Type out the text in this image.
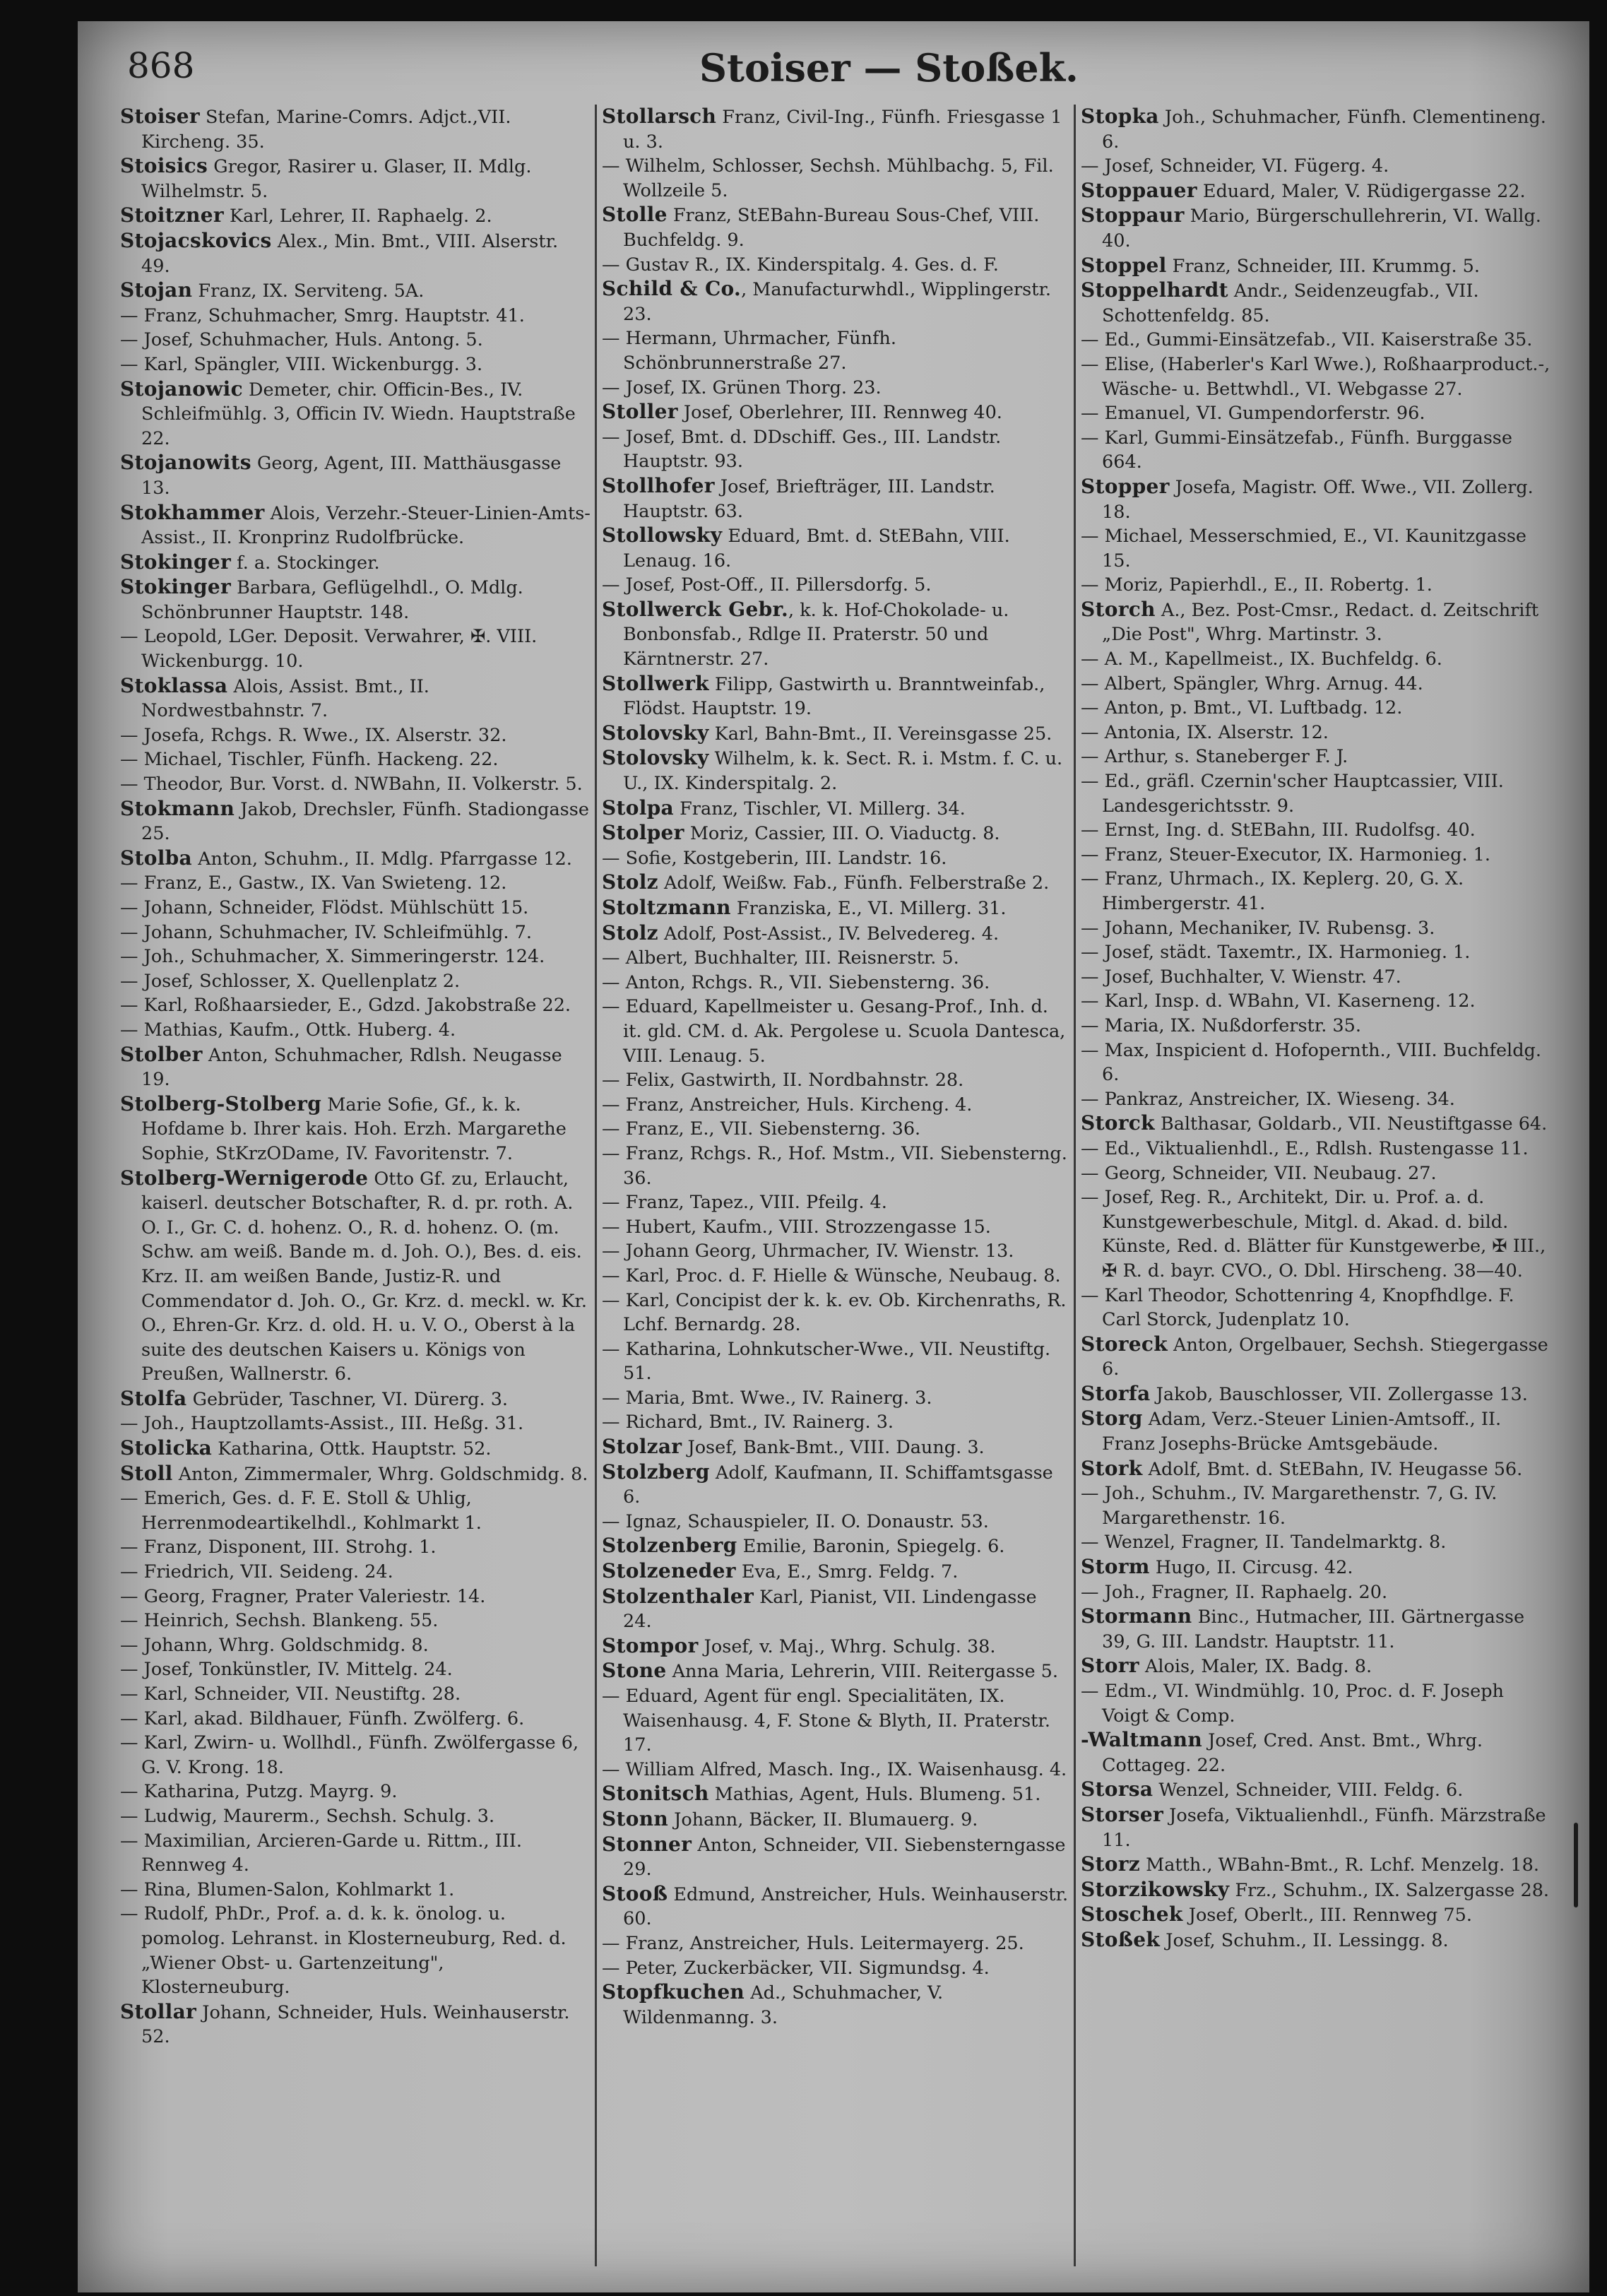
868	Stoiser — Stoßek.

Stoiser Stefan, Marine-Comrs. Adjct.,VII. Kircheng. 35.

Stoisics Gregor, Rasirer u. Glaser, II. Mdlg. Wilhelmstr. 5.

Stoitzner Karl, Lehrer, II. Raphaelg. 2.

Stojacskovics Alex., Min. Bmt., VIII. Alserstr. 49.

Stojan Franz, IX. Serviteng. 5A.

— Franz, Schuhmacher, Smrg. Hauptstr. 41.

— Josef, Schuhmacher, Huls. Antong. 5.

— Karl, Spängler, VIII. Wickenburgg. 3.

Stojanowic Demeter, chir. Officin-Bes., IV. Schleifmühlg. 3, Officin IV. Wiedn. Hauptstraße 22.

Stojanowits Georg, Agent, III. Matthäusgasse 13.

Stokhammer Alois, Verzehr.-Steuer-Linien-Amts-Assist., II. Kronprinz Rudolfbrücke.

Stokinger f. a. Stockinger.

Stokinger Barbara, Geflügelhdl., O. Mdlg. Schönbrunner Hauptstr. 148.

— Leopold, LGer. Deposit. Verwahrer, ✠. VIII. Wickenburgg. 10.

Stoklassa Alois, Assist. Bmt., II. Nordwestbahnstr. 7.

— Josefa, Rchgs. R. Wwe., IX. Alserstr. 32.

— Michael, Tischler, Fünfh. Hackeng. 22.

— Theodor, Bur. Vorst. d. NWBahn, II. Volkerstr. 5.

Stokmann Jakob, Drechsler, Fünfh. Stadiongasse 25.

Stolba Anton, Schuhm., II. Mdlg. Pfarrgasse 12.

— Franz, E., Gastw., IX. Van Swieteng. 12.

— Johann, Schneider, Flödst. Mühlschütt 15.

— Johann, Schuhmacher, IV. Schleifmühlg. 7.

— Joh., Schuhmacher, X. Simmeringerstr. 124.

— Josef, Schlosser, X. Quellenplatz 2.

— Karl, Roßhaarsieder, E., Gdzd. Jakobstraße 22.

— Mathias, Kaufm., Ottk. Huberg. 4.

Stolber Anton, Schuhmacher, Rdlsh. Neugasse 19.

Stolberg-Stolberg Marie Sofie, Gf., k. k. Hofdame b. Ihrer kais. Hoh. Erzh. Margarethe Sophie, StKrzODame, IV. Favoritenstr. 7.

Stolberg-Wernigerode Otto Gf. zu, Erlaucht, kaiserl. deutscher Botschafter, R. d. pr. roth. A. O. I., Gr. C. d. hohenz. O., R. d. hohenz. O. (m. Schw. am weiß. Bande m. d. Joh. O.), Bes. d. eis. Krz. II. am weißen Bande, Justiz-R. und Commendator d. Joh. O., Gr. Krz. d. meckl. w. Kr. O., Ehren-Gr. Krz. d. old. H. u. V. O., Oberst à la suite des deutschen Kaisers u. Königs von Preußen, Wallnerstr. 6.

Stolfa Gebrüder, Taschner, VI. Dürerg. 3.

— Joh., Hauptzollamts-Assist., III. Heßg. 31.

Stolicka Katharina, Ottk. Hauptstr. 52.

Stoll Anton, Zimmermaler, Whrg. Goldschmidg. 8.

— Emerich, Ges. d. F. E. Stoll & Uhlig, Herrenmodeartikelhdl., Kohlmarkt 1.

— Franz, Disponent, III. Strohg. 1.

— Friedrich, VII. Seideng. 24.

— Georg, Fragner, Prater Valeriestr. 14.

— Heinrich, Sechsh. Blankeng. 55.

— Johann, Whrg. Goldschmidg. 8.

— Josef, Tonkünstler, IV. Mittelg. 24.

— Karl, Schneider, VII. Neustiftg. 28.

— Karl, akad. Bildhauer, Fünfh. Zwölferg. 6.

— Karl, Zwirn- u. Wollhdl., Fünfh. Zwölfergasse 6, G. V. Krong. 18.

— Katharina, Putzg. Mayrg. 9.

— Ludwig, Maurerm., Sechsh. Schulg. 3.

— Maximilian, Arcieren-Garde u. Rittm., III. Rennweg 4.

— Rina, Blumen-Salon, Kohlmarkt 1.

— Rudolf, PhDr., Prof. a. d. k. k. önolog. u. pomolog. Lehranst. in Klosterneuburg, Red. d. „Wiener Obst- u. Gartenzeitung", Klosterneuburg.

Stollar Johann, Schneider, Huls. Weinhauserstr. 52.

Stollarsch Franz, Civil-Ing., Fünfh. Friesgasse 1 u. 3.

— Wilhelm, Schlosser, Sechsh. Mühlbachg. 5, Fil. Wollzeile 5.

Stolle Franz, StEBahn-Bureau Sous-Chef, VIII. Buchfeldg. 9.

— Gustav R., IX. Kinderspitalg. 4. Ges. d. F.

Schild & Co., Manufacturwhdl., Wipplingerstr. 23.

— Hermann, Uhrmacher, Fünfh. Schönbrunnerstraße 27.

— Josef, IX. Grünen Thorg. 23.

Stoller Josef, Oberlehrer, III. Rennweg 40.

— Josef, Bmt. d. DDschiff. Ges., III. Landstr. Hauptstr. 93.

Stollhofer Josef, Briefträger, III. Landstr. Hauptstr. 63.

Stollowsky Eduard, Bmt. d. StEBahn, VIII. Lenaug. 16.

— Josef, Post-Off., II. Pillersdorfg. 5.

Stollwerck Gebr., k. k. Hof-Chokolade- u. Bonbonsfab., Rdlge II. Praterstr. 50 und Kärntnerstr. 27.

Stollwerk Filipp, Gastwirth u. Branntweinfab., Flödst. Hauptstr. 19.

Stolovsky Karl, Bahn-Bmt., II. Vereinsgasse 25.

Stolovsky Wilhelm, k. k. Sect. R. i. Mstm. f. C. u. U., IX. Kinderspitalg. 2.

Stolpa Franz, Tischler, VI. Millerg. 34.

Stolper Moriz, Cassier, III. O. Viaductg. 8.

— Sofie, Kostgeberin, III. Landstr. 16.

Stolz Adolf, Weißw. Fab., Fünfh. Felberstraße 2.

Stoltzmann Franziska, E., VI. Millerg. 31.

Stolz Adolf, Post-Assist., IV. Belvedereg. 4.

— Albert, Buchhalter, III. Reisnerstr. 5.

— Anton, Rchgs. R., VII. Siebensterng. 36.

— Eduard, Kapellmeister u. Gesang-Prof., Inh. d. it. gld. CM. d. Ak. Pergolese u. Scuola Dantesca, VIII. Lenaug. 5.

— Felix, Gastwirth, II. Nordbahnstr. 28.

— Franz, Anstreicher, Huls. Kircheng. 4.

— Franz, E., VII. Siebensterng. 36.

— Franz, Rchgs. R., Hof. Mstm., VII. Siebensterng. 36.

— Franz, Tapez., VIII. Pfeilg. 4.

— Hubert, Kaufm., VIII. Strozzengasse 15.

— Johann Georg, Uhrmacher, IV. Wienstr. 13.

— Karl, Proc. d. F. Hielle & Wünsche, Neubaug. 8.

— Karl, Concipist der k. k. ev. Ob. Kirchenraths, R. Lchf. Bernardg. 28.

— Katharina, Lohnkutscher-Wwe., VII. Neustiftg. 51.

— Maria, Bmt. Wwe., IV. Rainerg. 3.

— Richard, Bmt., IV. Rainerg. 3.

Stolzar Josef, Bank-Bmt., VIII. Daung. 3.

Stolzberg Adolf, Kaufmann, II. Schiffamtsgasse 6.

— Ignaz, Schauspieler, II. O. Donaustr. 53.

Stolzenberg Emilie, Baronin, Spiegelg. 6.

Stolzeneder Eva, E., Smrg. Feldg. 7.

Stolzenthaler Karl, Pianist, VII. Lindengasse 24.

Stompor Josef, v. Maj., Whrg. Schulg. 38.

Stone Anna Maria, Lehrerin, VIII. Reitergasse 5.

— Eduard, Agent für engl. Specialitäten, IX. Waisenhausg. 4, F. Stone & Blyth, II. Praterstr. 17.

— William Alfred, Masch. Ing., IX. Waisenhausg. 4.

Stonitsch Mathias, Agent, Huls. Blumeng. 51.

Stonn Johann, Bäcker, II. Blumauerg. 9.

Stonner Anton, Schneider, VII. Siebensterngasse 29.

Stooß Edmund, Anstreicher, Huls. Weinhauserstr. 60.

— Franz, Anstreicher, Huls. Leitermayerg. 25.

— Peter, Zuckerbäcker, VII. Sigmundsg. 4.

Stopfkuchen Ad., Schuhmacher, V. Wildenmanng. 3.

Stopka Joh., Schuhmacher, Fünfh. Clementineng. 6.

— Josef, Schneider, VI. Fügerg. 4.

Stoppauer Eduard, Maler, V. Rüdigergasse 22.

Stoppaur Mario, Bürgerschullehrerin, VI. Wallg. 40.

Stoppel Franz, Schneider, III. Krummg. 5.

Stoppelhardt Andr., Seidenzeugfab., VII. Schottenfeldg. 85.

— Ed., Gummi-Einsätzefab., VII. Kaiserstraße 35.

— Elise, (Haberler's Karl Wwe.), Roßhaarproduct.-, Wäsche- u. Bettwhdl., VI. Webgasse 27.

— Emanuel, VI. Gumpendorferstr. 96.

— Karl, Gummi-Einsätzefab., Fünfh. Burggasse 664.

Stopper Josefa, Magistr. Off. Wwe., VII. Zollerg. 18.

— Michael, Messerschmied, E., VI. Kaunitzgasse 15.

— Moriz, Papierhdl., E., II. Robertg. 1.

Storch A., Bez. Post-Cmsr., Redact. d. Zeitschrift „Die Post", Whrg. Martinstr. 3.

— A. M., Kapellmeist., IX. Buchfeldg. 6.

— Albert, Spängler, Whrg. Arnug. 44.

— Anton, p. Bmt., VI. Luftbadg. 12.

— Antonia, IX. Alserstr. 12.

— Arthur, s. Staneberger F. J.

— Ed., gräfl. Czernin'scher Hauptcassier, VIII. Landesgerichtsstr. 9.

— Ernst, Ing. d. StEBahn, III. Rudolfsg. 40.

— Franz, Steuer-Executor, IX. Harmonieg. 1.

— Franz, Uhrmach., IX. Keplerg. 20, G. X. Himbergerstr. 41.

— Johann, Mechaniker, IV. Rubensg. 3.

— Josef, städt. Taxemtr., IX. Harmonieg. 1.

— Josef, Buchhalter, V. Wienstr. 47.

— Karl, Insp. d. WBahn, VI. Kaserneng. 12.

— Maria, IX. Nußdorferstr. 35.

— Max, Inspicient d. Hofopernth., VIII. Buchfeldg. 6.

— Pankraz, Anstreicher, IX. Wieseng. 34.

Storck Balthasar, Goldarb., VII. Neustiftgasse 64.

— Ed., Viktualienhdl., E., Rdlsh. Rustengasse 11.

— Georg, Schneider, VII. Neubaug. 27.

— Josef, Reg. R., Architekt, Dir. u. Prof. a. d. Kunstgewerbeschule, Mitgl. d. Akad. d. bild. Künste, Red. d. Blätter für Kunstgewerbe, ✠ III., ✠ R. d. bayr. CVO., O. Dbl. Hirscheng. 38—40.

— Karl Theodor, Schottenring 4, Knopfhdlge. F. Carl Storck, Judenplatz 10.

Storeck Anton, Orgelbauer, Sechsh. Stiegergasse 6.

Storfa Jakob, Bauschlosser, VII. Zollergasse 13.

Storg Adam, Verz.-Steuer Linien-Amtsoff., II. Franz Josephs-Brücke Amtsgebäude.

Stork Adolf, Bmt. d. StEBahn, IV. Heugasse 56.

— Joh., Schuhm., IV. Margarethenstr. 7, G. IV. Margarethenstr. 16.

— Wenzel, Fragner, II. Tandelmarktg. 8.

Storm Hugo, II. Circusg. 42.

— Joh., Fragner, II. Raphaelg. 20.

Stormann Binc., Hutmacher, III. Gärtnergasse 39, G. III. Landstr. Hauptstr. 11.

Storr Alois, Maler, IX. Badg. 8.

— Edm., VI. Windmühlg. 10, Proc. d. F. Joseph Voigt & Comp.

-Waltmann Josef, Cred. Anst. Bmt., Whrg. Cottageg. 22.

Storsa Wenzel, Schneider, VIII. Feldg. 6.

Storser Josefa, Viktualienhdl., Fünfh. Märzstraße 11.

Storz Matth., WBahn-Bmt., R. Lchf. Menzelg. 18.

Storzikowsky Frz., Schuhm., IX. Salzergasse 28.

Stoschek Josef, Oberlt., III. Rennweg 75.

Stoßek Josef, Schuhm., II. Lessingg. 8.
